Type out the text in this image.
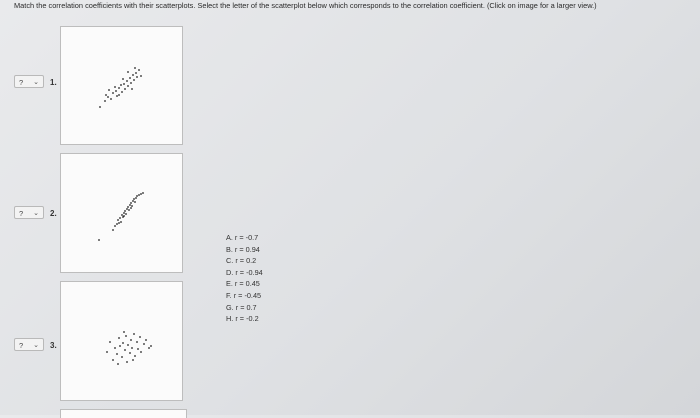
Match the correlation coefficients with their scatterplots. Select the letter of the scatterplot below which corresponds to the correlation coefficient. (Click on image for a larger view.)
? ⌄ 1.
? ⌄ 2.
? ⌄ 3.
A. r = -0.7
B. r = 0.94
C. r = 0.2
D. r = -0.94
E. r = 0.45
F. r = -0.45
G. r = 0.7
H. r = -0.2
